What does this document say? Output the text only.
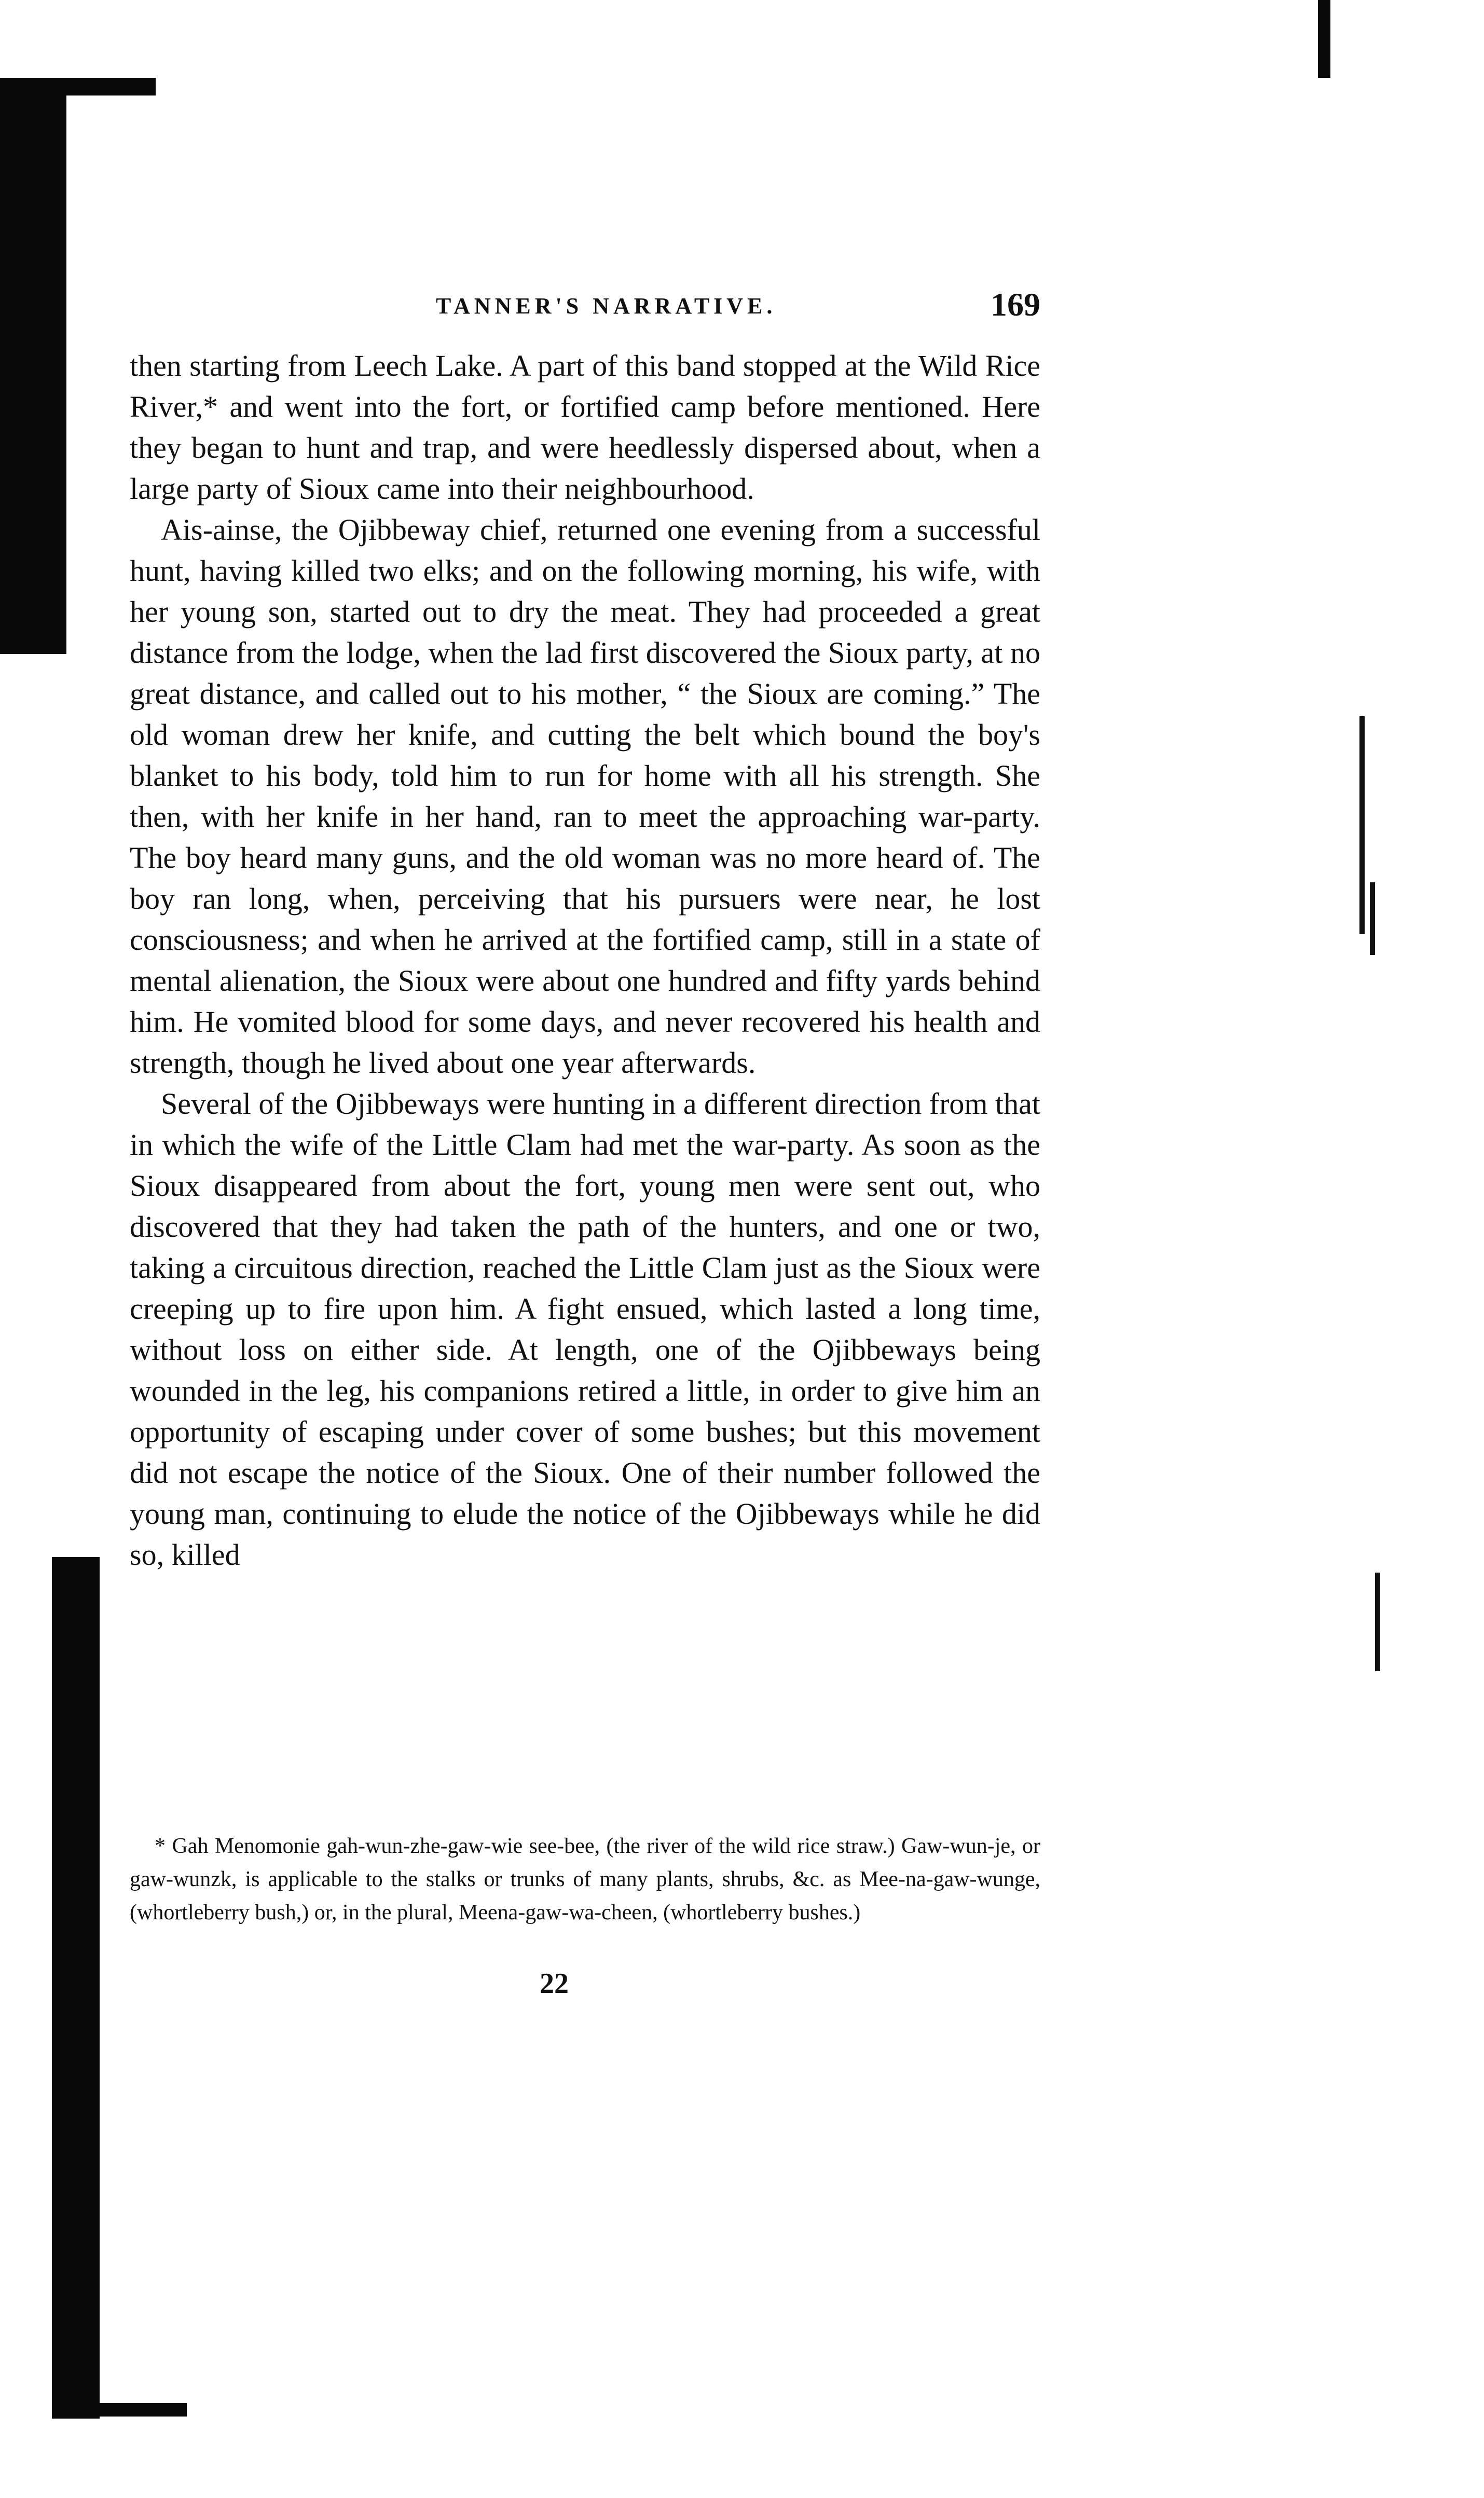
TANNER'S NARRATIVE.	169

then starting from Leech Lake. A part of this band stopped at the Wild Rice River,* and went into the fort, or fortified camp before mentioned. Here they began to hunt and trap, and were heedlessly dispersed about, when a large party of Sioux came into their neighbourhood.

Ais-ainse, the Ojibbeway chief, returned one evening from a successful hunt, having killed two elks; and on the following morning, his wife, with her young son, started out to dry the meat. They had proceeded a great distance from the lodge, when the lad first discovered the Sioux party, at no great distance, and called out to his mother, “ the Sioux are coming.” The old woman drew her knife, and cutting the belt which bound the boy's blanket to his body, told him to run for home with all his strength. She then, with her knife in her hand, ran to meet the approaching war-party. The boy heard many guns, and the old woman was no more heard of. The boy ran long, when, perceiving that his pursuers were near, he lost consciousness; and when he arrived at the fortified camp, still in a state of mental alienation, the Sioux were about one hundred and fifty yards behind him. He vomited blood for some days, and never recovered his health and strength, though he lived about one year afterwards.

Several of the Ojibbeways were hunting in a different direction from that in which the wife of the Little Clam had met the war-party. As soon as the Sioux disappeared from about the fort, young men were sent out, who discovered that they had taken the path of the hunters, and one or two, taking a circuitous direction, reached the Little Clam just as the Sioux were creeping up to fire upon him. A fight ensued, which lasted a long time, without loss on either side. At length, one of the Ojibbeways being wounded in the leg, his companions retired a little, in order to give him an opportunity of escaping under cover of some bushes; but this movement did not escape the notice of the Sioux. One of their number followed the young man, continuing to elude the notice of the Ojibbeways while he did so, killed

* Gah Menomonie gah-wun-zhe-gaw-wie see-bee, (the river of the wild rice straw.) Gaw-wun-je, or gaw-wunzk, is applicable to the stalks or trunks of many plants, shrubs, &c. as Mee-na-gaw-wunge, (whortleberry bush,) or, in the plural, Meena-gaw-wa-cheen, (whortleberry bushes.)

22
